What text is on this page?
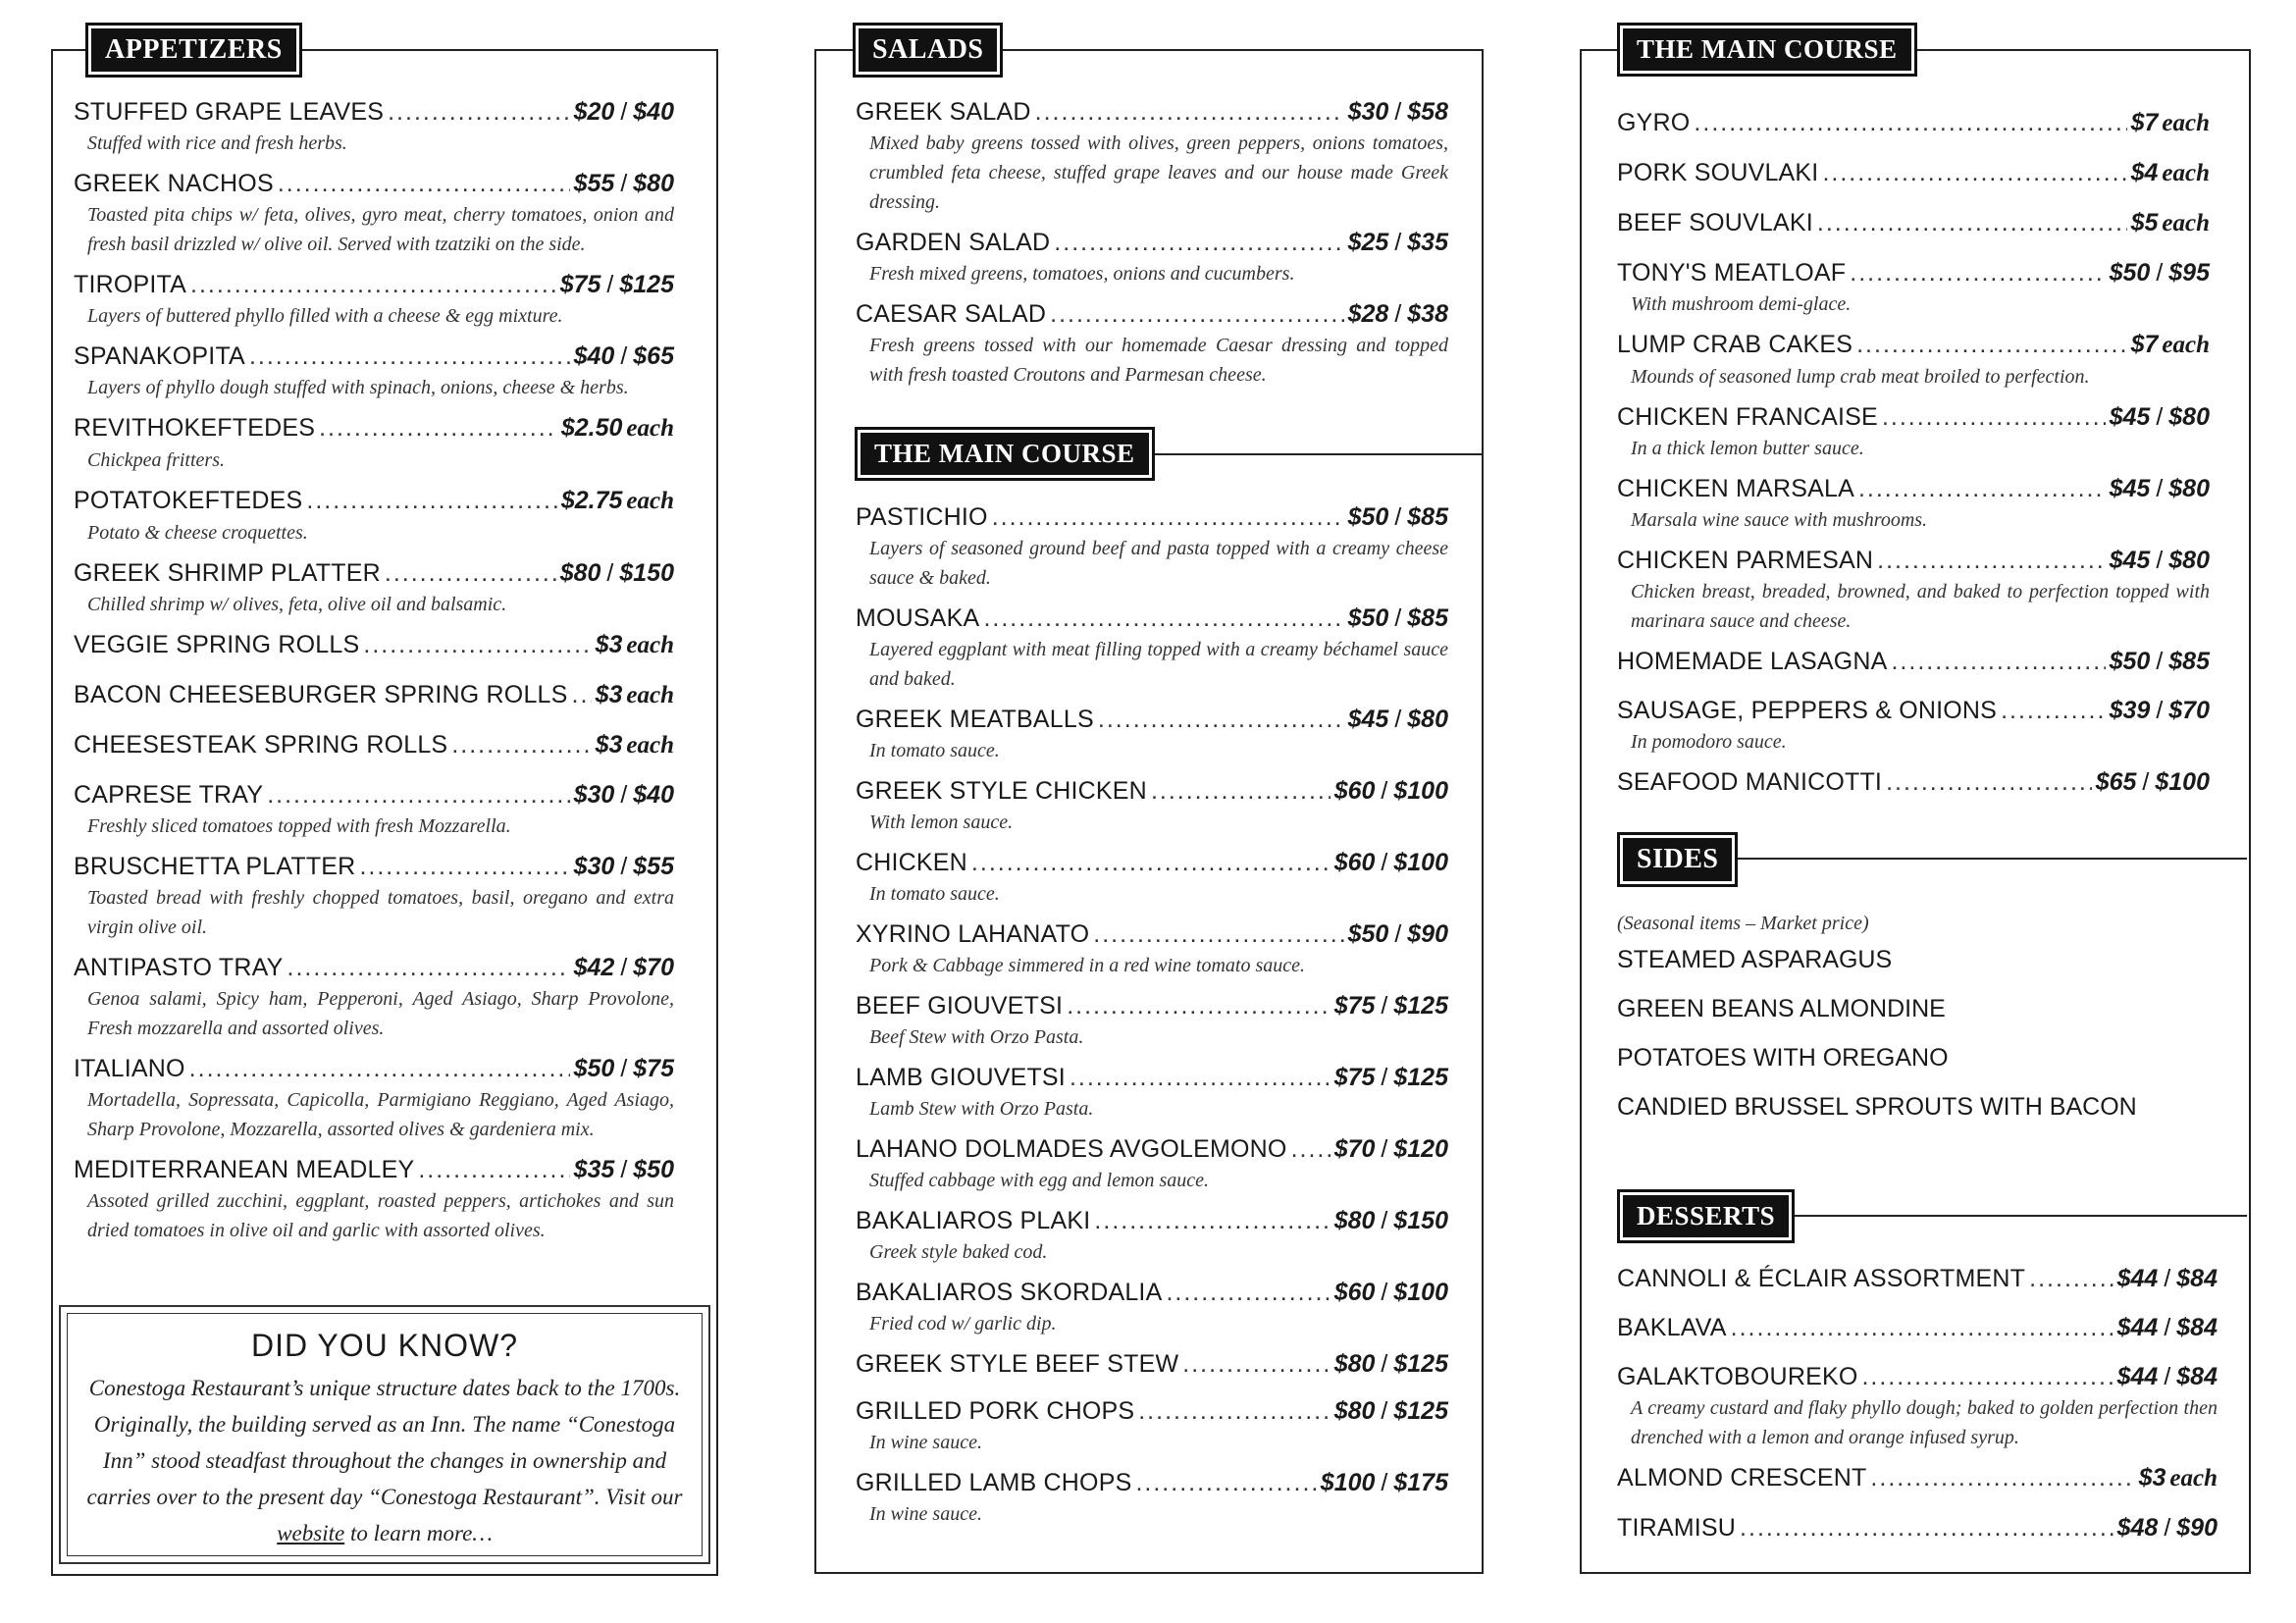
APPETIZERS
STUFFED GRAPE LEAVES .....	$20 / $40
Stuffed with rice and fresh herbs.
GREEK NACHOS .....	$55 / $80
Toasted pita chips w/ feta, olives, gyro meat, cherry tomatoes, onion and fresh basil drizzled w/ olive oil. Served with tzatziki on the side.
TIROPITA .....	$75 / $125
Layers of buttered phyllo filled with a cheese & egg mixture.
SPANAKOPITA .....	$40 / $65
Layers of phyllo dough stuffed with spinach, onions, cheese & herbs.
REVITHOKEFTEDES .....	$2.50 each
Chickpea fritters.
POTATOKEFTEDES .....	$2.75 each
Potato & cheese croquettes.
GREEK SHRIMP PLATTER .....	$80 / $150
Chilled shrimp w/ olives, feta, olive oil and balsamic.
VEGGIE SPRING ROLLS .....	$3 each
BACON CHEESEBURGER SPRING ROLLS ..... $3 each
CHEESESTEAK SPRING ROLLS .....	$3 each
CAPRESE TRAY .....	$30 / $40
Freshly sliced tomatoes topped with fresh Mozzarella.
BRUSCHETTA PLATTER .....	$30 / $55
Toasted bread with freshly chopped tomatoes, basil, oregano and extra virgin olive oil.
ANTIPASTO TRAY .....	$42 / $70
Genoa salami, Spicy ham, Pepperoni, Aged Asiago, Sharp Provolone, Fresh mozzarella and assorted olives.
ITALIANO .....	$50 / $75
Mortadella, Sopressata, Capicolla, Parmigiano Reggiano, Aged Asiago, Sharp Provolone, Mozzarella, assorted olives & gardeniera mix.
MEDITERRANEAN MEADLEY .....	$35 / $50
Assoted grilled zucchini, eggplant, roasted peppers, artichokes and sun dried tomatoes in olive oil and garlic with assorted olives.
DID YOU KNOW?
Conestoga Restaurant’s unique structure dates back to the 1700s. Originally, the building served as an Inn. The name “Conestoga Inn” stood steadfast throughout the changes in ownership and carries over to the present day “Conestoga Restaurant”. Visit our website to learn more…
SALADS
GREEK SALAD .....	$30 / $58
Mixed baby greens tossed with olives, green peppers, onions tomatoes, crumbled feta cheese, stuffed grape leaves and our house made Greek dressing.
GARDEN SALAD .....	$25 / $35
Fresh mixed greens, tomatoes, onions and cucumbers.
CAESAR SALAD .....	$28 / $38
Fresh greens tossed with our homemade Caesar dressing and topped with fresh toasted Croutons and Parmesan cheese.
THE MAIN COURSE
PASTICHIO .....	$50 / $85
Layers of seasoned ground beef and pasta topped with a creamy cheese sauce & baked.
MOUSAKA .....	$50 / $85
Layered eggplant with meat filling topped with a creamy béchamel sauce and baked.
GREEK MEATBALLS .....	$45 / $80
In tomato sauce.
GREEK STYLE CHICKEN .....	$60 / $100
With lemon sauce.
CHICKEN .....	$60 / $100
In tomato sauce.
XYRINO LAHANATO .....	$50 / $90
Pork & Cabbage simmered in a red wine tomato sauce.
BEEF GIOUVETSI .....	$75 / $125
Beef Stew with Orzo Pasta.
LAMB GIOUVETSI .....	$75 / $125
Lamb Stew with Orzo Pasta.
LAHANO DOLMADES AVGOLEMONO ..... $70 / $120
Stuffed cabbage with egg and lemon sauce.
BAKALIAROS PLAKI .....	$80 / $150
Greek style baked cod.
BAKALIAROS SKORDALIA .....	$60 / $100
Fried cod w/ garlic dip.
GREEK STYLE BEEF STEW .....	$80 / $125
GRILLED PORK CHOPS .....	$80 / $125
In wine sauce.
GRILLED LAMB CHOPS .....	$100 / $175
In wine sauce.
THE MAIN COURSE
GYRO .....	$7 each
PORK SOUVLAKI .....	$4 each
BEEF SOUVLAKI .....	$5 each
TONY'S MEATLOAF .....	$50 / $95
With mushroom demi-glace.
LUMP CRAB CAKES .....	$7 each
Mounds of seasoned lump crab meat broiled to perfection.
CHICKEN FRANCAISE .....	$45 / $80
In a thick lemon butter sauce.
CHICKEN MARSALA .....	$45 / $80
Marsala wine sauce with mushrooms.
CHICKEN PARMESAN .....	$45 / $80
Chicken breast, breaded, browned, and baked to perfection topped with marinara sauce and cheese.
HOMEMADE LASAGNA .....	$50 / $85
SAUSAGE, PEPPERS & ONIONS .....	$39 / $70
In pomodoro sauce.
SEAFOOD MANICOTTI .....	$65 / $100
SIDES
(Seasonal items – Market price)
STEAMED ASPARAGUS
GREEN BEANS ALMONDINE
POTATOES WITH OREGANO
CANDIED BRUSSEL SPROUTS WITH BACON
DESSERTS
CANNOLI & ÉCLAIR ASSORTMENT .....	$44 / $84
BAKLAVA .....	$44 / $84
GALAKTOBOUREKO .....	$44 / $84
A creamy custard and flaky phyllo dough; baked to golden perfection then drenched with a lemon and orange infused syrup.
ALMOND CRESCENT .....	$3 each
TIRAMISU .....	$48 / $90
